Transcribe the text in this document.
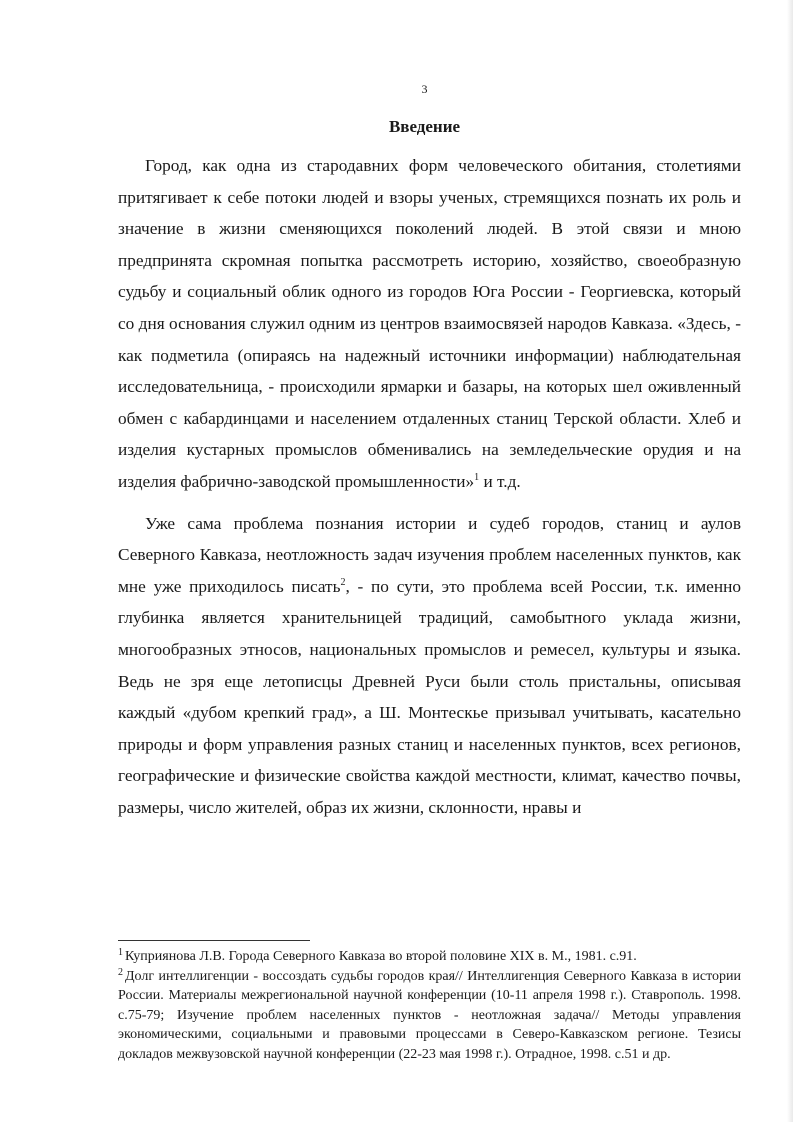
3
Введение

Город, как одна из стародавних форм человеческого обитания, столетиями притягивает к себе потоки людей и взоры ученых, стремящихся познать их роль и значение в жизни сменяющихся поколений людей. В этой связи и мною предпринята скромная попытка рассмотреть историю, хозяйство, своеобразную судьбу и социальный облик одного из городов Юга России - Георгиевска, который со дня основания служил одним из центров взаимосвязей народов Кавказа. «Здесь, - как подметила (опираясь на надежный источники информации) наблюдательная исследовательница, - происходили ярмарки и базары, на которых шел оживленный обмен с кабардинцами и населением отдаленных станиц Терской области. Хлеб и изделия кустарных промыслов обменивались на земледельческие орудия и на изделия фабрично-заводской промышленности»$^1$ и т.д.

Уже сама проблема познания истории и судеб городов, станиц и аулов Северного Кавказа, неотложность задач изучения проблем населенных пунктов, как мне уже приходилось писать$^2$, - по сути, это проблема всей России, т.к. именно глубинка является хранительницей традиций, самобытного уклада жизни, многообразных этносов, национальных промыслов и ремесел, культуры и языка. Ведь не зря еще летописцы Древней Руси были столь пристальны, описывая каждый «дубом крепкий град», а Ш. Монтескье призывал учитывать, касательно природы и форм управления разных станиц и населенных пунктов, всех регионов, географические и физические свойства каждой местности, климат, качество почвы, размеры, число жителей, образ их жизни, склонности, нравы и

$^1$ Куприянова Л.В. Города Северного Кавказа во второй половине XIX в. М., 1981. с.91.

$^2$ Долг интеллигенции - воссоздать судьбы городов края// Интеллигенция Северного Кавказа в истории России. Материалы межрегиональной научной конференции (10-11 апреля 1998 г.). Ставрополь. 1998. с.75-79; Изучение проблем населенных пунктов - неотложная задача// Методы управления экономическими, социальными и правовыми процессами в Северо-Кавказском регионе. Тезисы докладов межвузовской научной конференции (22-23 мая 1998 г.). Отрадное, 1998. с.51 и др.
